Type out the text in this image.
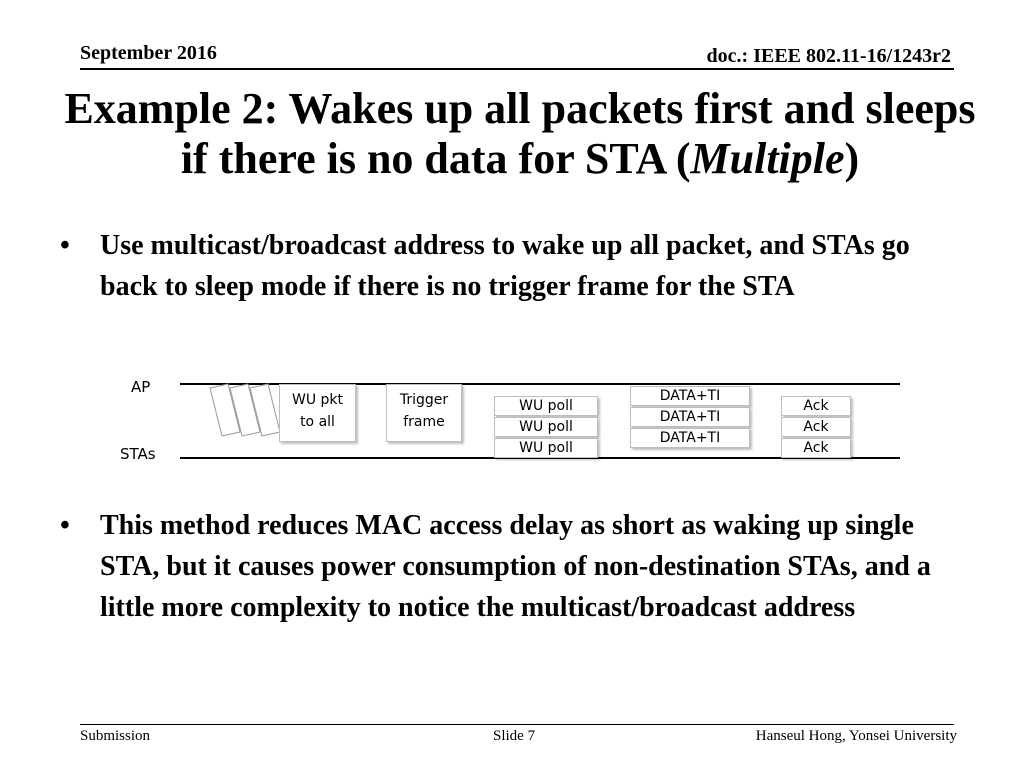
September 2016	doc.: IEEE 802.11-16/1243r2
Example 2: Wakes up all packets first and sleeps if there is no data for STA (Multiple)
• Use multicast/broadcast address to wake up all packet, and STAs go back to sleep mode if there is no trigger frame for the STA
AP
STAs
WU pkt
to all
Trigger
frame
WU poll
WU poll
WU poll
DATA+TI
DATA+TI
DATA+TI
Ack
Ack
Ack
• This method reduces MAC access delay as short as waking up single STA, but it causes power consumption of non-destination STAs, and a little more complexity to notice the multicast/broadcast address
Submission	Slide 7	Hanseul Hong, Yonsei University
